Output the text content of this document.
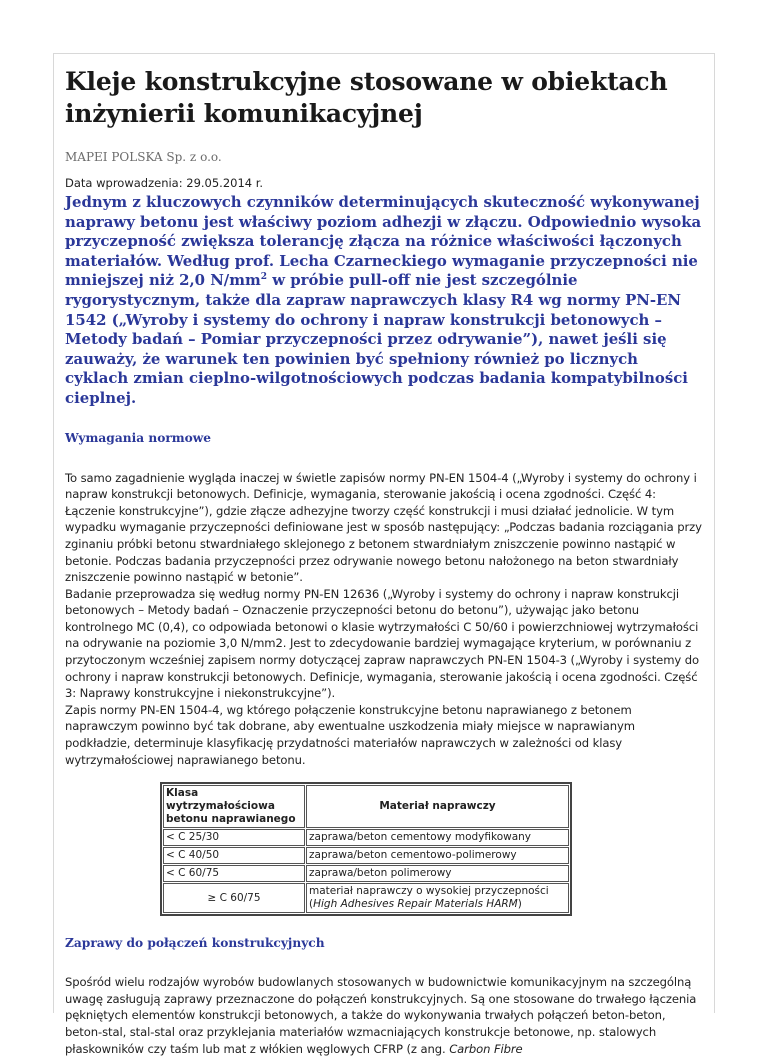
Kleje konstrukcyjne stosowane w obiektach inżynierii komunikacyjnej
MAPEI POLSKA Sp. z o.o.
Data wprowadzenia: 29.05.2014 r.

Jednym z kluczowych czynników determinujących skuteczność wykonywanej naprawy betonu jest właściwy poziom adhezji w złączu. Odpowiednio wysoka przyczepność zwiększa tolerancję złącza na różnice właściwości łączonych materiałów. Według prof. Lecha Czarneckiego wymaganie przyczepności nie mniejszej niż 2,0 $N/mm^2$ w próbie pull-off nie jest szczególnie rygorystycznym, także dla zapraw naprawczych klasy R4 wg normy PN-EN 1542 („Wyroby i systemy do ochrony i napraw konstrukcji betonowych – Metody badań – Pomiar przyczepności przez odrywanie”), nawet jeśli się zauważy, że warunek ten powinien być spełniony również po licznych cyklach zmian cieplno-wilgotnościowych podczas badania kompatybilności cieplnej.

Wymagania normowe

To samo zagadnienie wygląda inaczej w świetle zapisów normy PN-EN 1504-4 („Wyroby i systemy do ochrony i napraw konstrukcji betonowych. Definicje, wymagania, sterowanie jakością i ocena zgodności. Część 4: Łączenie konstrukcyjne”), gdzie złącze adhezyjne tworzy część konstrukcji i musi działać jednolicie. W tym wypadku wymaganie przyczepności definiowane jest w sposób następujący: „Podczas badania rozciągania przy zginaniu próbki betonu stwardniałego sklejonego z betonem stwardniałym zniszczenie powinno nastąpić w betonie. Podczas badania przyczepności przez odrywanie nowego betonu nałożonego na beton stwardniały zniszczenie powinno nastąpić w betonie”.

Badanie przeprowadza się według normy PN-EN 12636 („Wyroby i systemy do ochrony i napraw konstrukcji betonowych – Metody badań – Oznaczenie przyczepności betonu do betonu”), używając jako betonu kontrolnego MC (0,4), co odpowiada betonowi o klasie wytrzymałości C 50/60 i powierzchniowej wytrzymałości na odrywanie na poziomie 3,0 N/mm2. Jest to zdecydowanie bardziej wymagające kryterium, w porównaniu z przytoczonym wcześniej zapisem normy dotyczącej zapraw naprawczych PN-EN 1504-3 („Wyroby i systemy do ochrony i napraw konstrukcji betonowych. Definicje, wymagania, sterowanie jakością i ocena zgodności. Część 3: Naprawy konstrukcyjne i niekonstrukcyjne”).

Zapis normy PN-EN 1504-4, wg którego połączenie konstrukcyjne betonu naprawianego z betonem naprawczym powinno być tak dobrane, aby ewentualne uszkodzenia miały miejsce w naprawianym podkładzie, determinuje klasyfikację przydatności materiałów naprawczych w zależności od klasy wytrzymałościowej naprawianego betonu.

Klasa wytrzymałościowa betonu naprawianego	Materiał naprawczy
< C 25/30	zaprawa/beton cementowy modyfikowany
< C 40/50	zaprawa/beton cementowo-polimerowy
< C 60/75	zaprawa/beton polimerowy
≥ C 60/75	materiał naprawczy o wysokiej przyczepności
(High Adhesives Repair Materials HARM)
Zaprawy do połączeń konstrukcyjnych

Spośród wielu rodzajów wyrobów budowlanych stosowanych w budownictwie komunikacyjnym na szczególną uwagę zasługują zaprawy przeznaczone do połączeń konstrukcyjnych. Są one stosowane do trwałego łączenia pękniętych elementów konstrukcji betonowych, a także do wykonywania trwałych połączeń beton-beton, beton-stal, stal-stal oraz przyklejania materiałów wzmacniających konstrukcje betonowe, np. stalowych płaskowników czy taśm lub mat z włókien węglowych CFRP (z ang. Carbon Fibre
